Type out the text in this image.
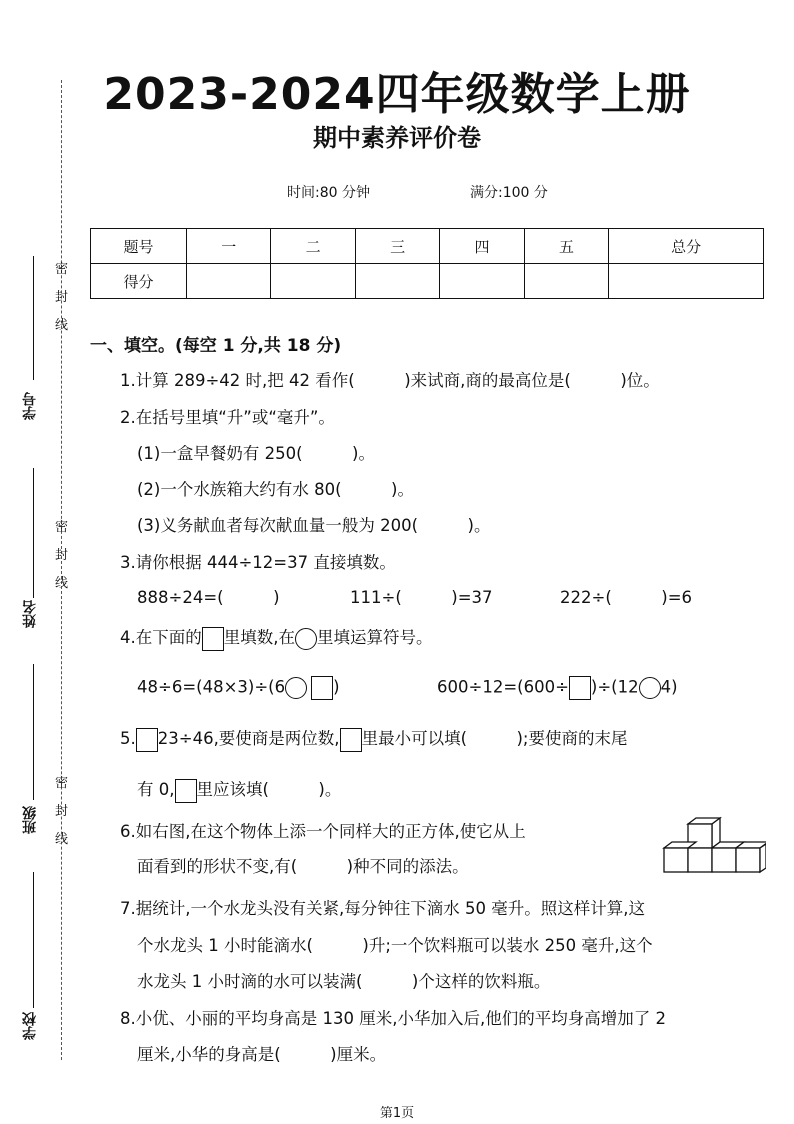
2023-2024四年级数学上册
期中素养评价卷
时间:80 分钟	满分:100 分
题号	一	二	三	四	五	总分
得分						
密
封
线
密
封
线
密
封
线
学号
姓名
班级
学校
一、填空。(每空 1 分,共 18 分)
1.计算 289÷42 时,把 42 看作(　　　)来试商,商的最高位是(　　　)位。
2.在括号里填“升”或“毫升”。
(1)一盒早餐奶有 250(　　　)。
(2)一个水族箱大约有水 80(　　　)。
(3)义务献血者每次献血量一般为 200(　　　)。
3.请你根据 444÷12=37 直接填数。
888÷24=(　　　)	111÷(　　　)=37	222÷(　　　)=6
4.在下面的 里填数,在 里填运算符号。
48÷6=(48×3)÷(6	)	600÷12=(600÷ )÷(12 4)
5. 23÷46,要使商是两位数, 里最小可以填(　　　);要使商的末尾
有 0, 里应该填(　　　)。
6.如右图,在这个物体上添一个同样大的正方体,使它从上
面看到的形状不变,有(　　　)种不同的添法。
7.据统计,一个水龙头没有关紧,每分钟往下滴水 50 毫升。照这样计算,这
个水龙头 1 小时能滴水(　　　)升;一个饮料瓶可以装水 250 毫升,这个
水龙头 1 小时滴的水可以装满(　　　)个这样的饮料瓶。
8.小优、小丽的平均身高是 130 厘米,小华加入后,他们的平均身高增加了 2
厘米,小华的身高是(　　　)厘米。
第1页
